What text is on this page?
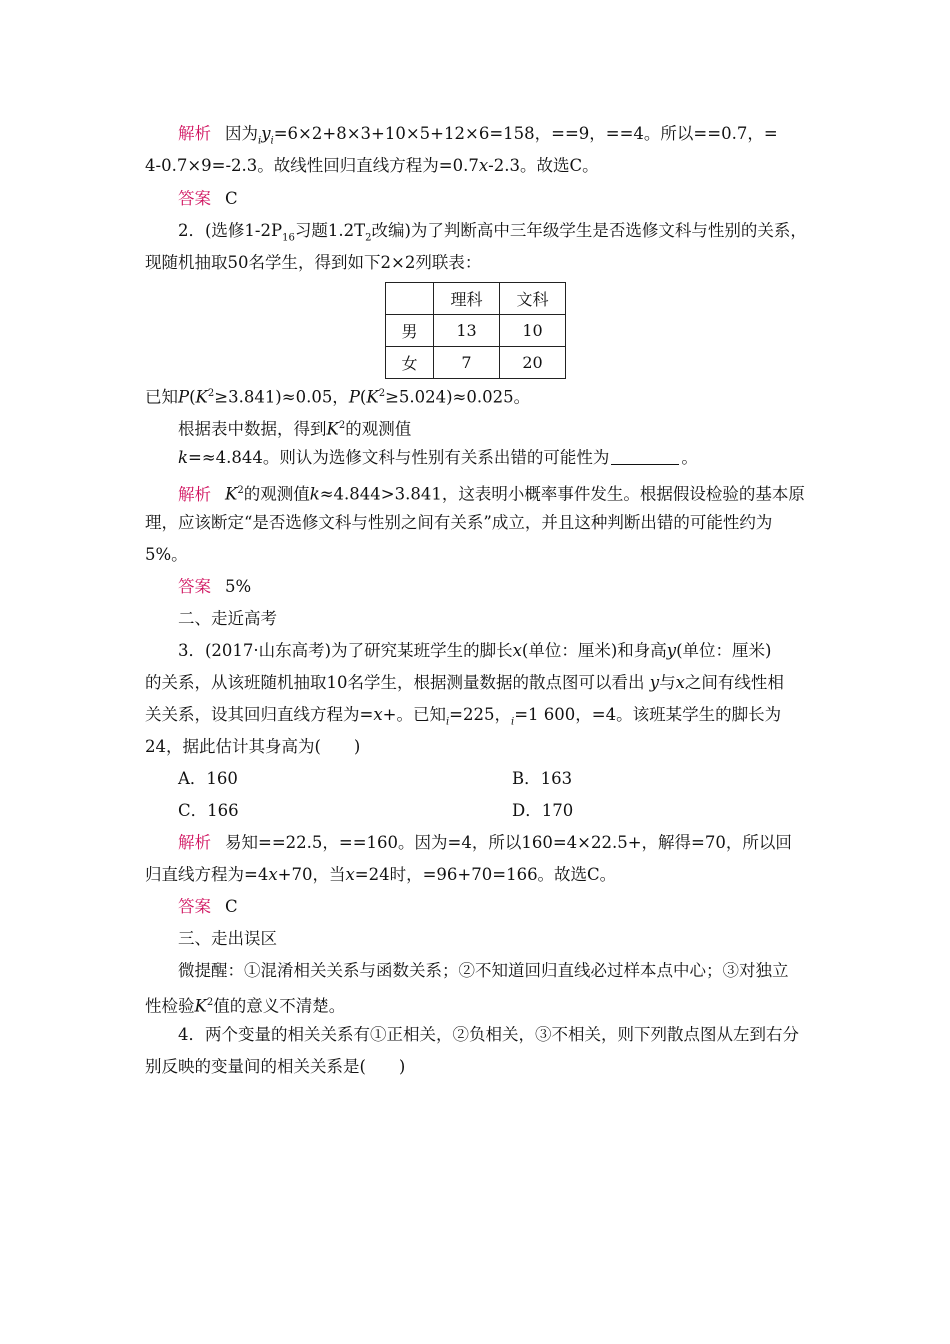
解析 因为$_iy_i=6\times 2+8\times 3+10\times 5+12\times 6=158$，==9，==4。所以==0.7，=
4-0.7×9=-2.3。故线性回归直线方程为=0.7x-2.3。故选C。
答案 C
2．(选修$1-2P_{16}$习题$1.2T_2$改编)为了判断高中三年级学生是否选修文科与性别的关系，
现随机抽取50名学生，得到如下2×2列联表：
	理科	文科
男	13	10
女	7	20
已知$P(K^2\ge 3.841)\approx 0.05$，$P(K^2\ge 5.024)\approx 0.025$。
根据表中数据，得到$K^2$的观测值
k=≈4.844。则认为选修文科与性别有关系出错的可能性为	。
解析 $K^2$的观测值k≈4.844>3.841，这表明小概率事件发生。根据假设检验的基本原
理，应该断定“是否选修文科与性别之间有关系”成立，并且这种判断出错的可能性约为
5%。
答案 5%
二、走近高考
3．(2017·山东高考)为了研究某班学生的脚长x(单位：厘米)和身高y(单位：厘米)
的关系，从该班随机抽取10名学生，根据测量数据的散点图可以看出 y与x之间有线性相
关关系，设其回归直线方程为=x+。已知$_i$=225，$_i$=1 600，=4。该班某学生的脚长为
24，据此估计其身高为(　　)
A．160	B．163
C．166	D．170
解析 易知==22.5，==160。因为=4，所以160=4×22.5+，解得=70，所以回
归直线方程为=4x+70，当x=24时，=96+70=166。故选C。
答案 C
三、走出误区
微提醒：①混淆相关关系与函数关系；②不知道回归直线必过样本点中心；③对独立
性检验$K^2$值的意义不清楚。
4．两个变量的相关关系有①正相关，②负相关，③不相关，则下列散点图从左到右分
别反映的变量间的相关关系是(　　)
